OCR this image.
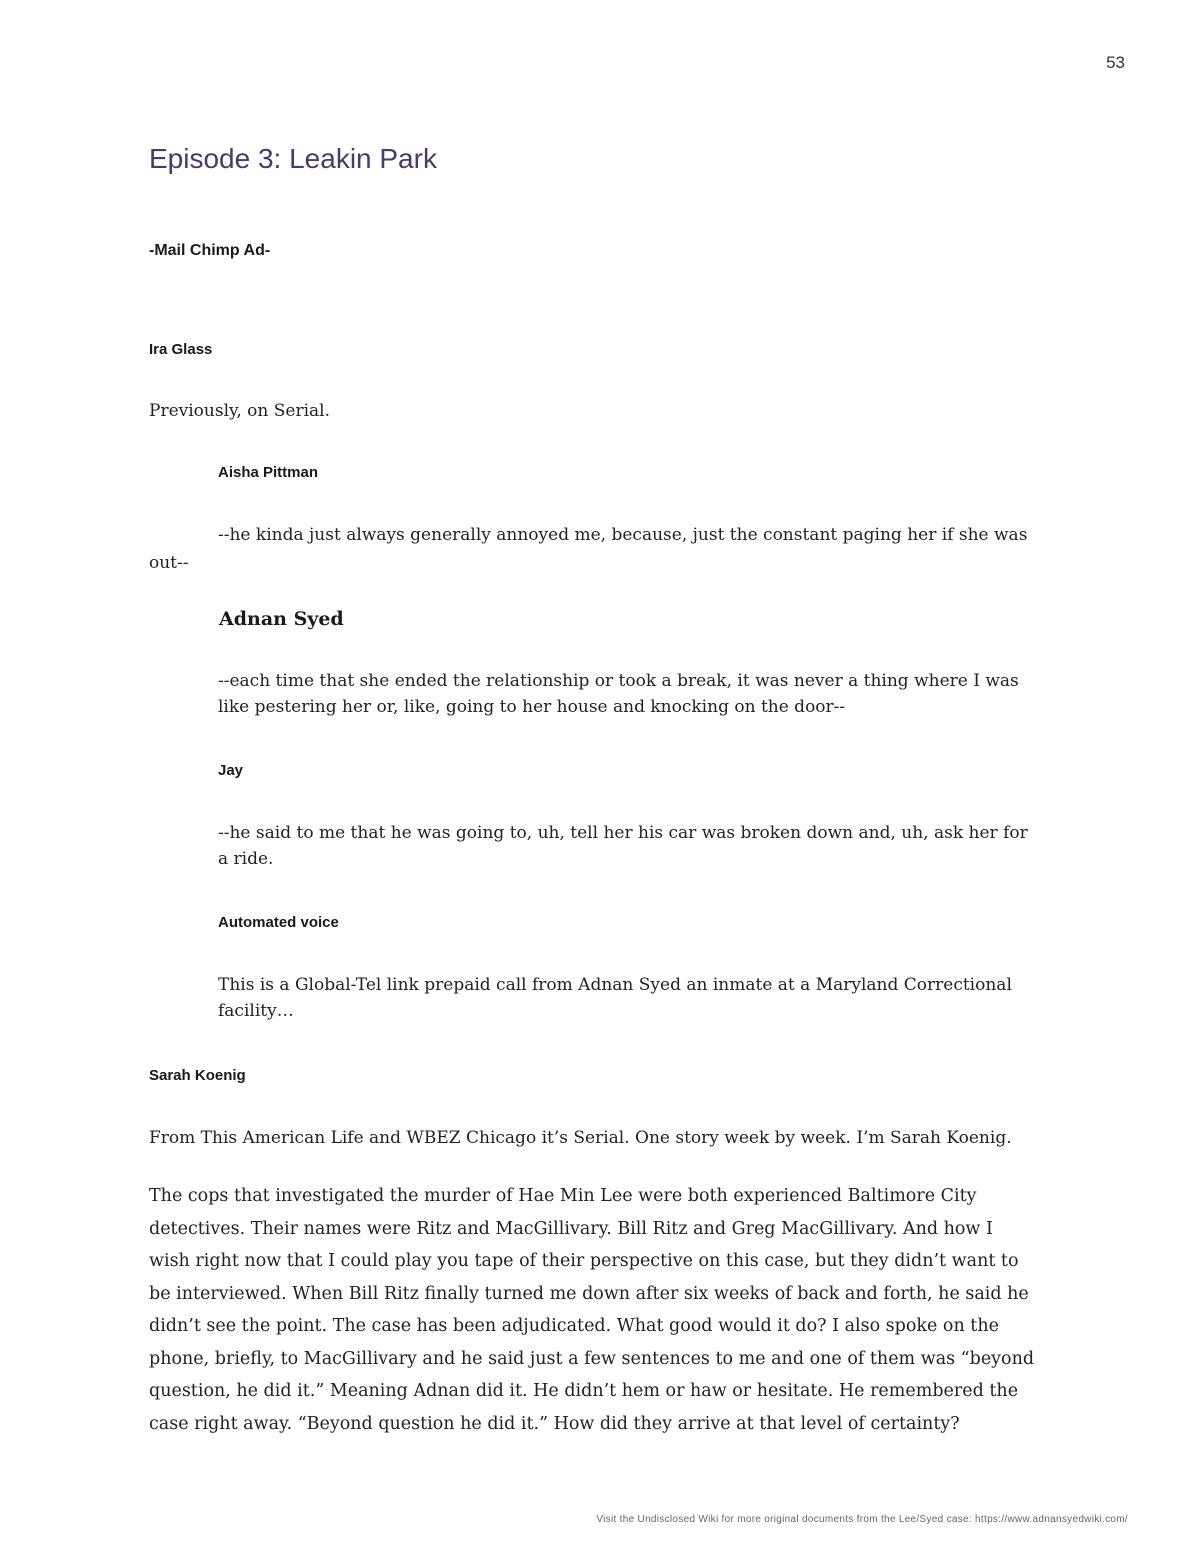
53
Episode 3: Leakin Park
-Mail Chimp Ad-
Ira Glass
Previously, on Serial.
Aisha Pittman
--he kinda just always generally annoyed me, because, just the constant paging her if she was
out--
Adnan Syed
--each time that she ended the relationship or took a break, it was never a thing where I was like pestering her or, like, going to her house and knocking on the door--
Jay
--he said to me that he was going to, uh, tell her his car was broken down and, uh, ask her for a ride.
Automated voice
This is a Global-Tel link prepaid call from Adnan Syed an inmate at a Maryland Correctional facility…
Sarah Koenig
From This American Life and WBEZ Chicago it’s Serial. One story week by week. I’m Sarah Koenig.
The cops that investigated the murder of Hae Min Lee were both experienced Baltimore City detectives. Their names were Ritz and MacGillivary. Bill Ritz and Greg MacGillivary. And how I wish right now that I could play you tape of their perspective on this case, but they didn’t want to be interviewed. When Bill Ritz finally turned me down after six weeks of back and forth, he said he didn’t see the point. The case has been adjudicated. What good would it do? I also spoke on the phone, briefly, to MacGillivary and he said just a few sentences to me and one of them was “beyond question, he did it.” Meaning Adnan did it. He didn’t hem or haw or hesitate. He remembered the case right away. “Beyond question he did it.” How did they arrive at that level of certainty?
Visit the Undisclosed Wiki for more original documents from the Lee/Syed case: https://www.adnansyedwiki.com/
